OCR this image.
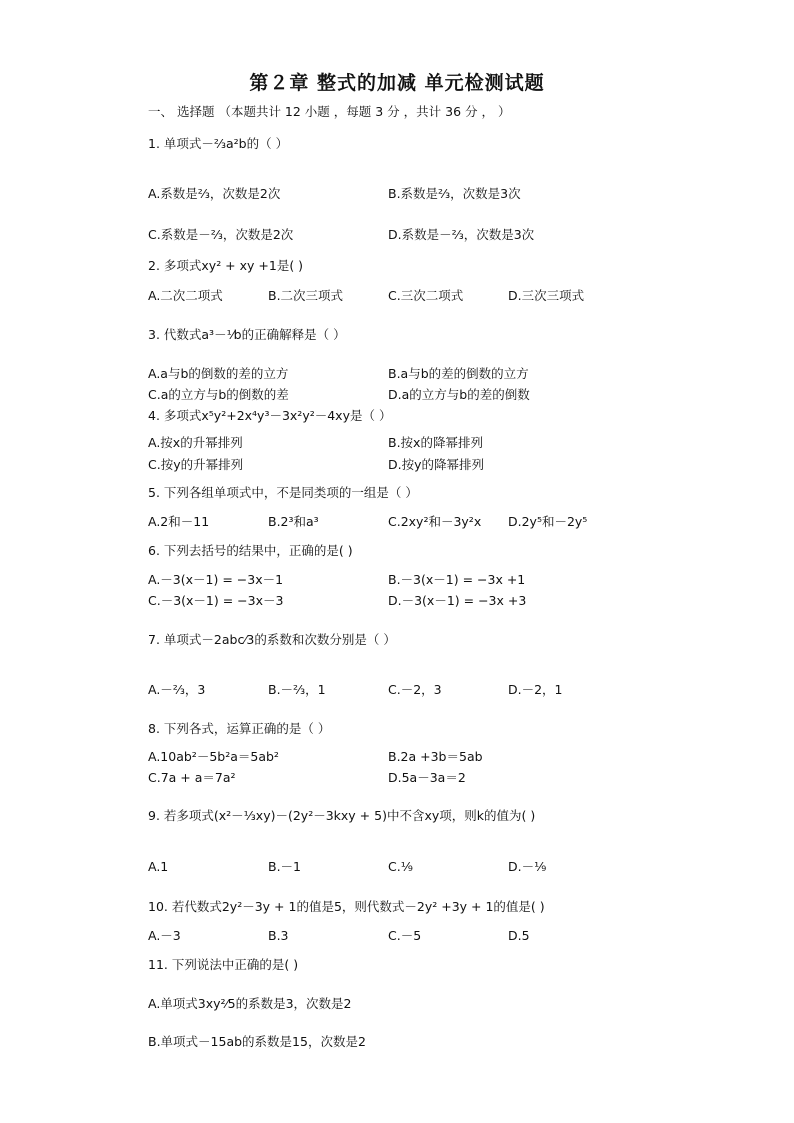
第２章 整式的加减 单元检测试题
一、 选择题 （本题共计 12 小题 ，每题 3 分 ，共计 36 分 ， ）
1. 单项式－⅔a²b的（ ）
A.系数是⅔，次数是2次	B.系数是⅔，次数是3次
C.系数是－⅔，次数是2次	D.系数是－⅔，次数是3次
2. 多项式xy² + xy +1是( )
A.二次二项式	B.二次三项式	C.三次二项式	D.三次三项式
3. 代数式a³－⅟b的正确解释是（ ）
A.a与b的倒数的差的立方	B.a与b的差的倒数的立方
C.a的立方与b的倒数的差	D.a的立方与b的差的倒数
4. 多项式x⁵y²+2x⁴y³－3x²y²－4xy是（ ）
A.按x的升幂排列	B.按x的降幂排列
C.按y的升幂排列	D.按y的降幂排列
5. 下列各组单项式中，不是同类项的一组是（ ）
A.2和－11	B.2³和a³	C.2xy²和－3y²x D.2y⁵和－2y⁵
6. 下列去括号的结果中，正确的是( )
A.－3(x－1) = −3x－1	B.－3(x－1) = −3x +1
C.－3(x－1) = −3x－3	D.－3(x－1) = −3x +3
7. 单项式－2abc⁄3的系数和次数分别是（ ）
A.－⅔，3	B.－⅔，1	C.－2，3	D.－2，1
8. 下列各式，运算正确的是（ ）
A.10ab²－5b²a＝5ab²	B.2a +3b＝5ab
C.7a + a＝7a²	D.5a－3a＝2
9. 若多项式(x²－⅓xy)－(2y²－3kxy + 5)中不含xy项，则k的值为( )
A.1	B.－1	C.⅑	D.－⅑
10. 若代数式2y²－3y + 1的值是5，则代数式－2y² +3y + 1的值是( )
A.－3	B.3	C.－5	D.5
11. 下列说法中正确的是( )
A.单项式3xy²⁄5的系数是3，次数是2
B.单项式－15ab的系数是15，次数是2
